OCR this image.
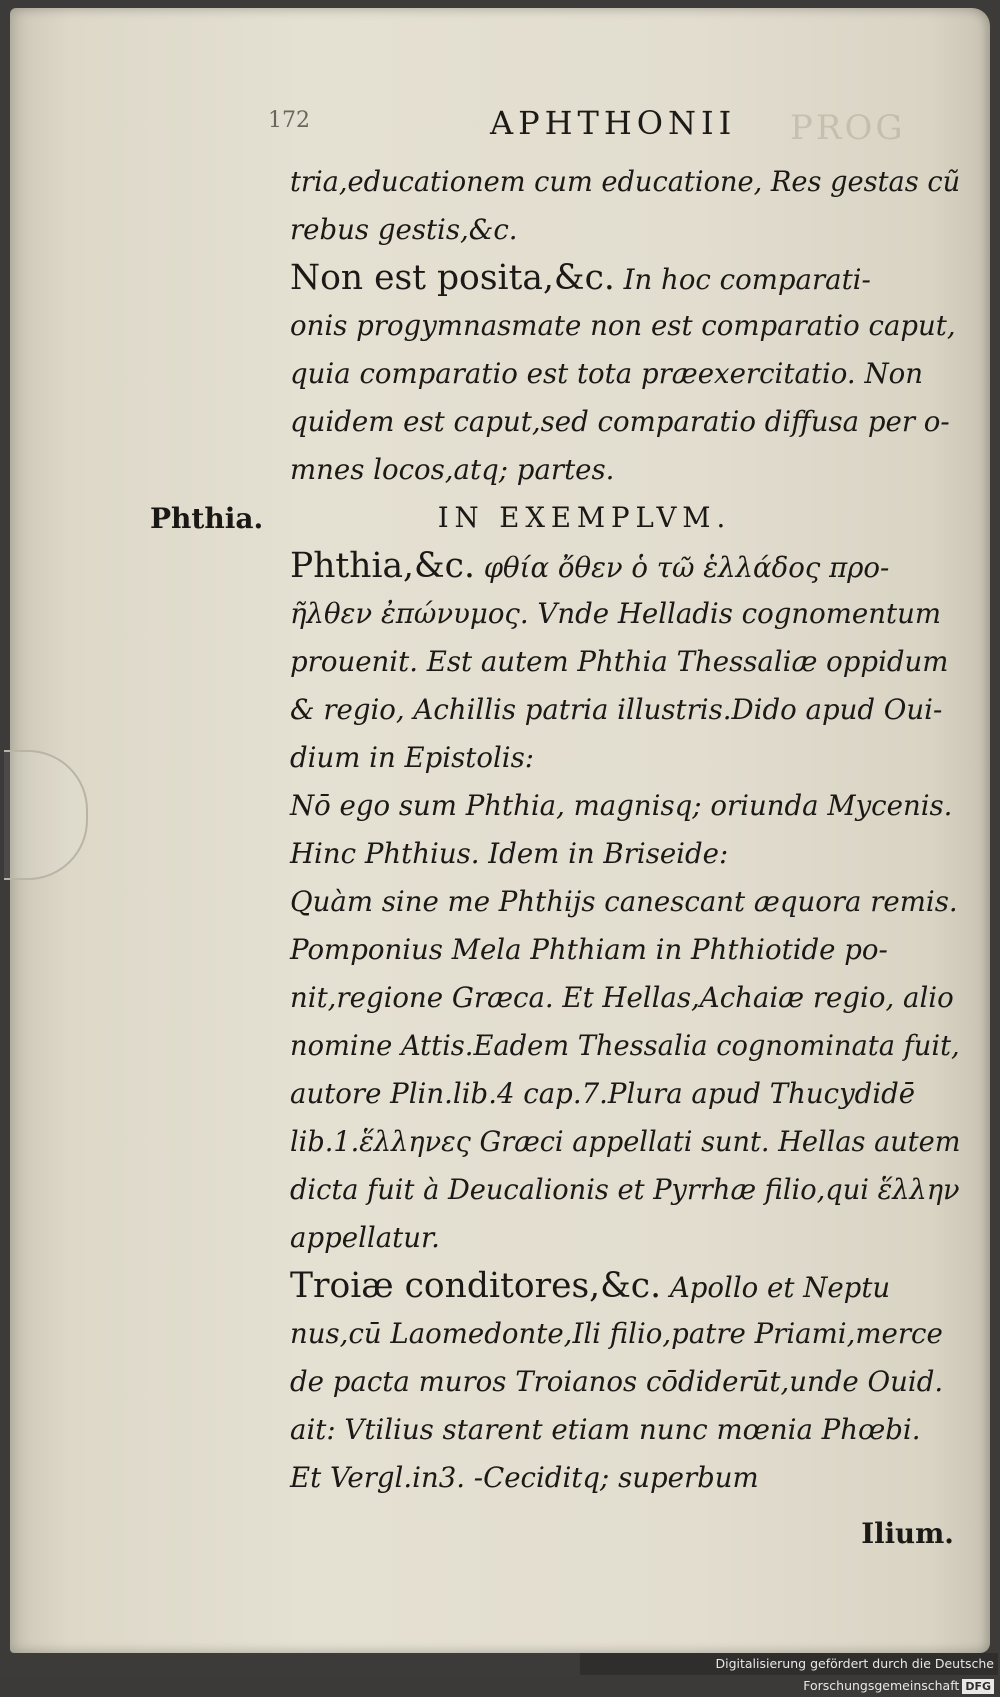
PROG
172	APHTHONII
Phthia.
tria,educationem cum educatione, Res gestas cũ
rebus gestis,&c.
Non est posita,&c. In hoc comparati-
onis progymnasmate non est comparatio caput,
quia comparatio est tota præexercitatio. Non
quidem est caput,sed comparatio diffusa per o-
mnes locos,atq; partes.
IN EXEMPLVM.
Phthia,&c. φθία ὄθεν ὁ τῶ ἑλλάδος προ-
ῆλθεν ἐπώνυμος. Vnde Helladis cognomentum
prouenit. Est autem Phthia Thessaliæ oppidum
& regio, Achillis patria illustris.Dido apud Oui-
dium in Epistolis:
Nō ego sum Phthia, magnisq; oriunda Mycenis.
Hinc Phthius. Idem in Briseide:
Quàm sine me Phthijs canescant æquora remis.
Pomponius Mela Phthiam in Phthiotide po-
nit,regione Græca. Et Hellas,Achaiæ regio, alio
nomine Attis.Eadem Thessalia cognominata fuit,
autore Plin.lib.4 cap.7.Plura apud Thucydidē
lib.1.ἕλληνες Græci appellati sunt. Hellas autem
dicta fuit à Deucalionis et Pyrrhæ filio,qui ἕλλην
appellatur.
Troiæ conditores,&c. Apollo et Neptu
nus,cū Laomedonte,Ili filio,patre Priami,merce
de pacta muros Troianos cōdiderūt,unde Ouid.
ait: Vtilius starent etiam nunc mœnia Phœbi.
Et Vergl.in3. -Ceciditq; superbum
Ilium.
Digitalisierung gefördert durch die Deutsche Forschungsgemeinschaft DFG
